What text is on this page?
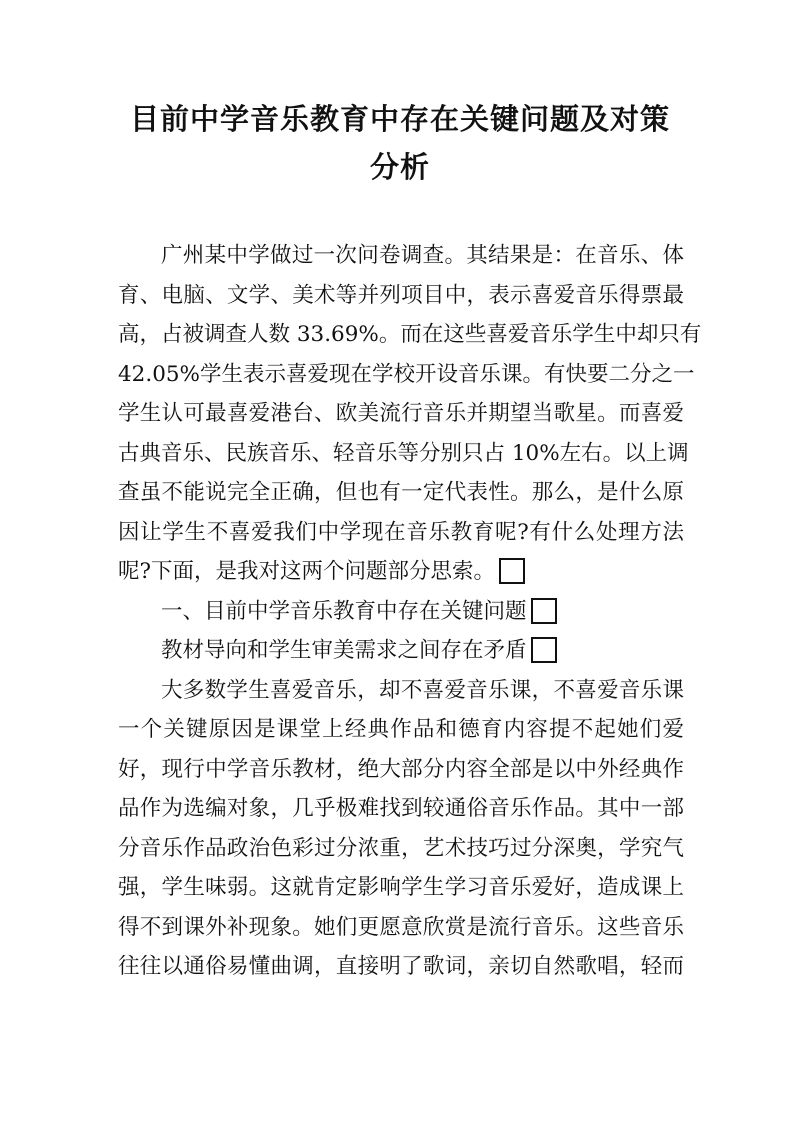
目前中学音乐教育中存在关键问题及对策
分析
广州某中学做过一次问卷调查。其结果是：在音乐、体
育、电脑、文学、美术等并列项目中，表示喜爱音乐得票最
高，占被调查人数 33.69%。而在这些喜爱音乐学生中却只有
42.05%学生表示喜爱现在学校开设音乐课。有快要二分之一
学生认可最喜爱港台、欧美流行音乐并期望当歌星。而喜爱
古典音乐、民族音乐、轻音乐等分别只占 10%左右。以上调
查虽不能说完全正确，但也有一定代表性。那么，是什么原
因让学生不喜爱我们中学现在音乐教育呢?有什么处理方法
呢?下面，是我对这两个问题部分思索。
一、目前中学音乐教育中存在关键问题
教材导向和学生审美需求之间存在矛盾
大多数学生喜爱音乐，却不喜爱音乐课，不喜爱音乐课
一个关键原因是课堂上经典作品和德育内容提不起她们爱
好，现行中学音乐教材，绝大部分内容全部是以中外经典作
品作为选编对象，几乎极难找到较通俗音乐作品。其中一部
分音乐作品政治色彩过分浓重，艺术技巧过分深奥，学究气
强，学生味弱。这就肯定影响学生学习音乐爱好，造成课上
得不到课外补现象。她们更愿意欣赏是流行音乐。这些音乐
往往以通俗易懂曲调，直接明了歌词，亲切自然歌唱，轻而
